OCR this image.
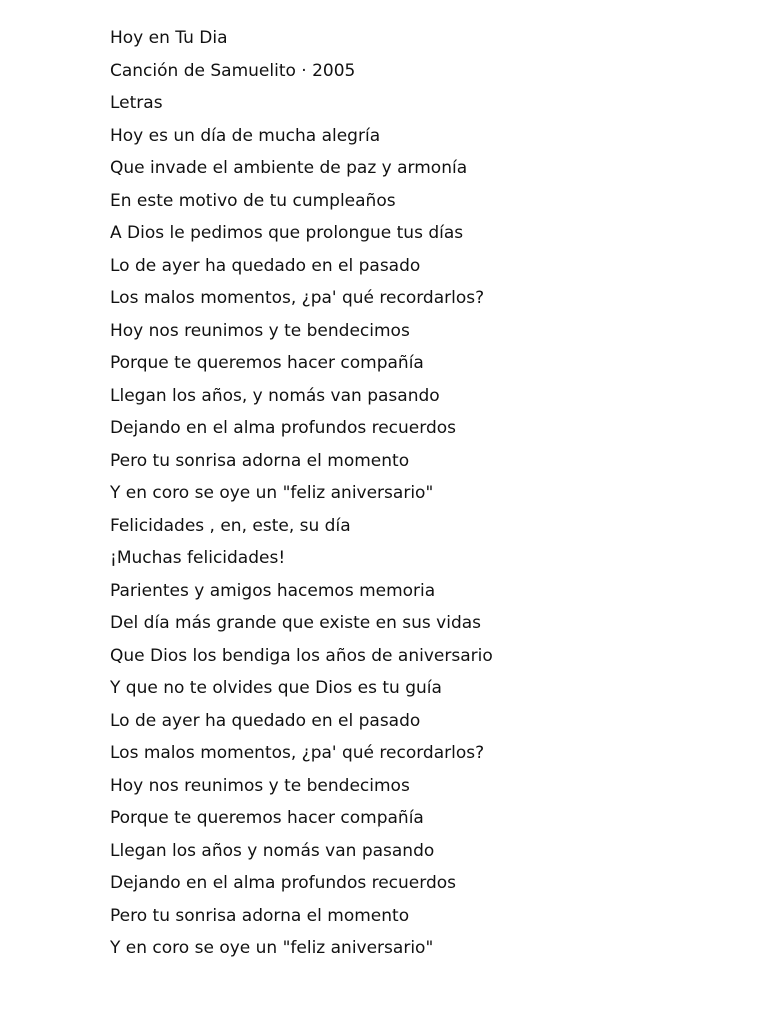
Hoy en Tu Dia
Canción de Samuelito · 2005
Letras
Hoy es un día de mucha alegría
Que invade el ambiente de paz y armonía
En este motivo de tu cumpleaños
A Dios le pedimos que prolongue tus días
Lo de ayer ha quedado en el pasado
Los malos momentos, ¿pa' qué recordarlos?
Hoy nos reunimos y te bendecimos
Porque te queremos hacer compañía
Llegan los años, y nomás van pasando
Dejando en el alma profundos recuerdos
Pero tu sonrisa adorna el momento
Y en coro se oye un "feliz aniversario"
Felicidades , en, este, su día
¡Muchas felicidades!
Parientes y amigos hacemos memoria
Del día más grande que existe en sus vidas
Que Dios los bendiga los años de aniversario
Y que no te olvides que Dios es tu guía
Lo de ayer ha quedado en el pasado
Los malos momentos, ¿pa' qué recordarlos?
Hoy nos reunimos y te bendecimos
Porque te queremos hacer compañía
Llegan los años y nomás van pasando
Dejando en el alma profundos recuerdos
Pero tu sonrisa adorna el momento
Y en coro se oye un "feliz aniversario"
